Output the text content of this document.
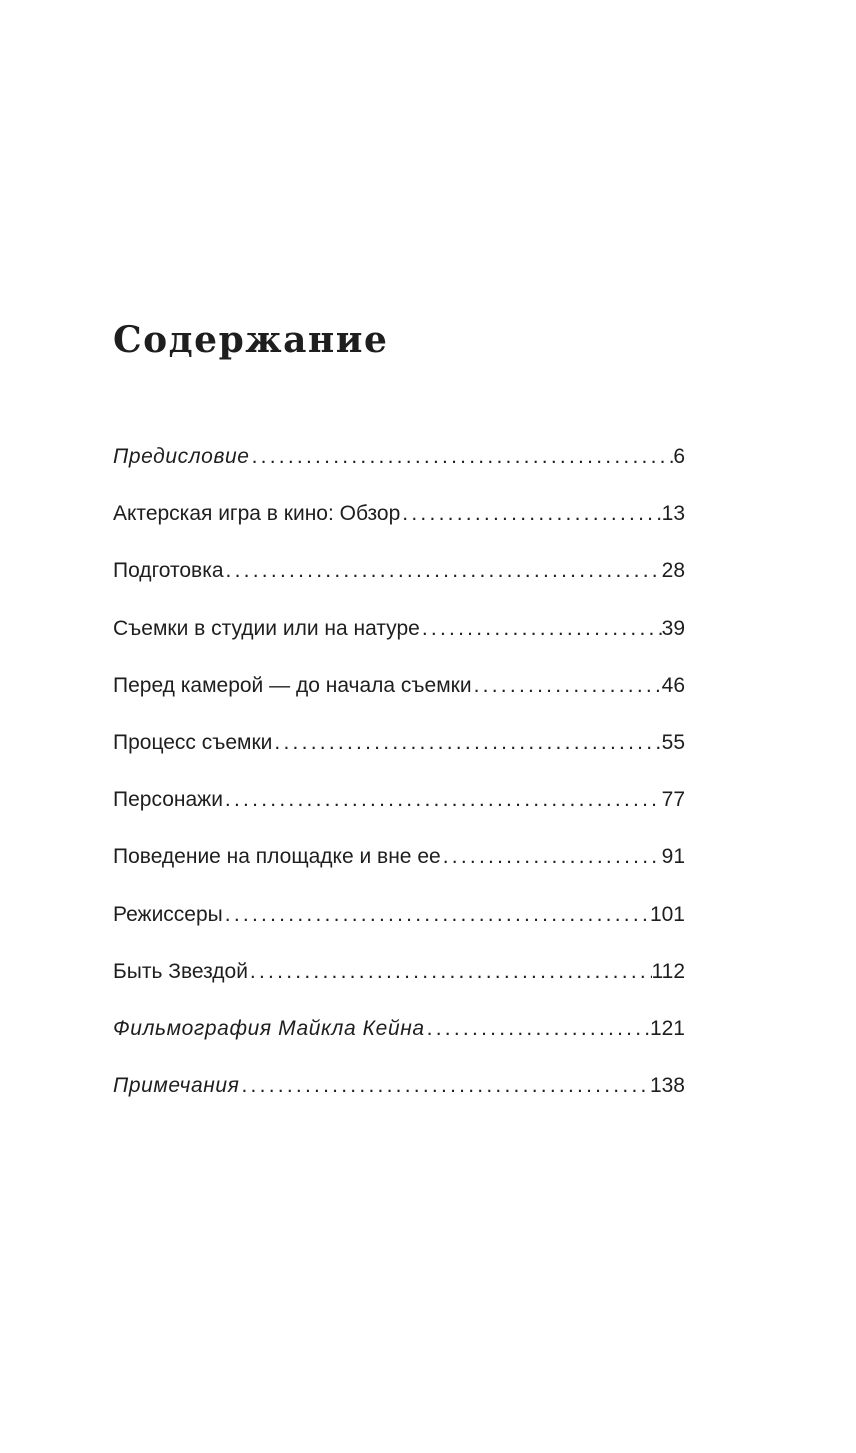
Содержание
Предисловие . . .	6
Актерская игра в кино: Обзор . . .	13
Подготовка . . .	28
Съемки в студии или на натуре . . .	39
Перед камерой — до начала съемки . . .	46
Процесс съемки . . .	55
Персонажи . . .	77
Поведение на площадке и вне ее . . .	91
Режиссеры . . .	101
Быть Звездой . . .	112
Фильмография Майкла Кейна . . .	121
Примечания . . .	138
